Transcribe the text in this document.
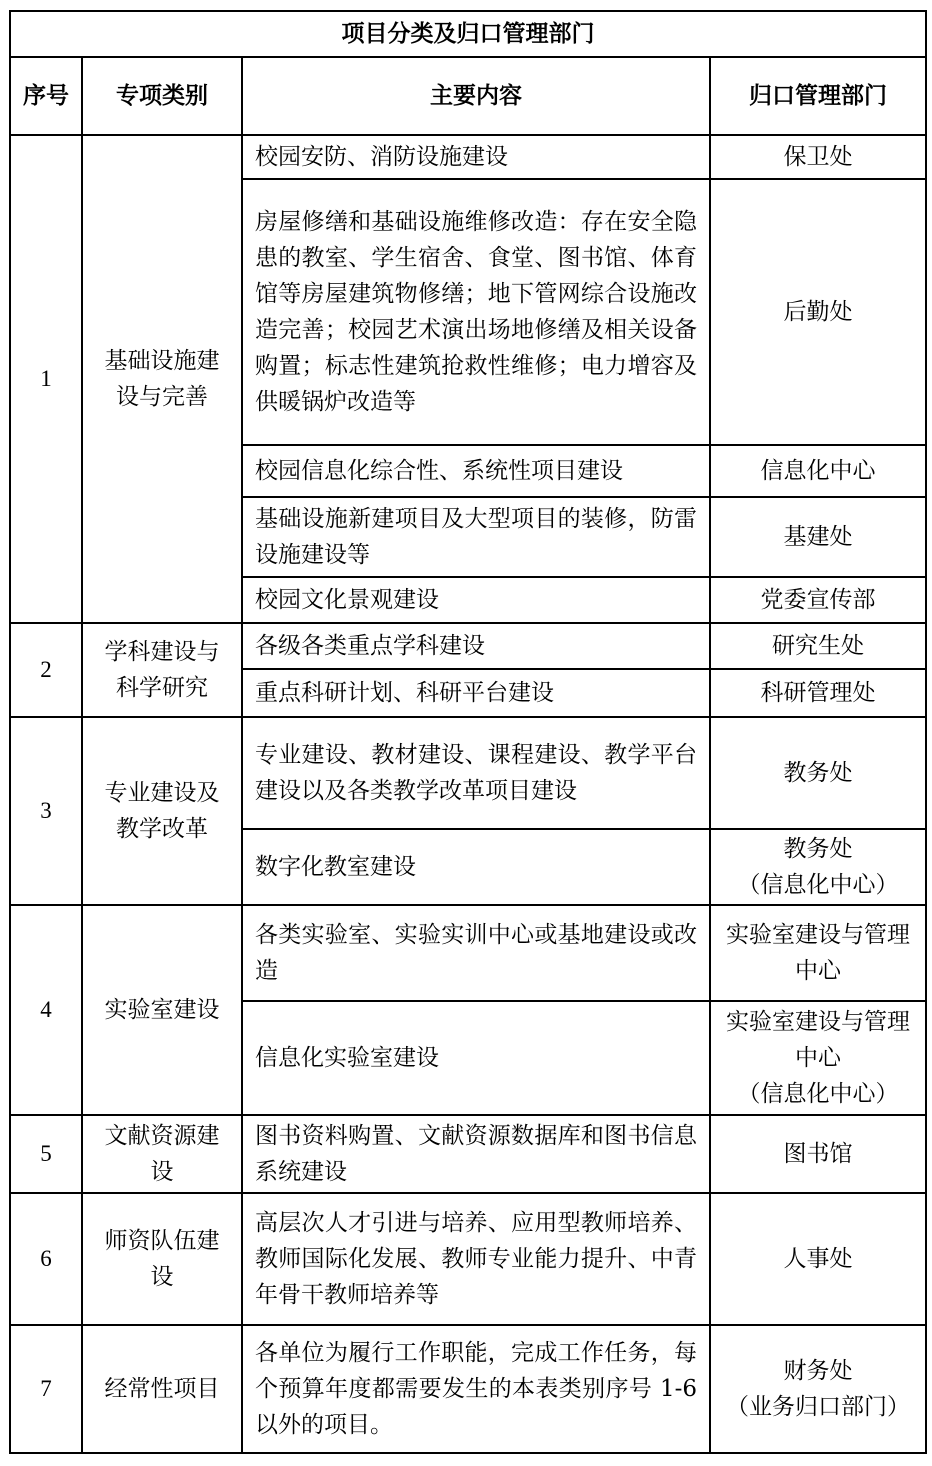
项目分类及归口管理部门			
序号	专项类别	主要内容	归口管理部门
1	基础设施建设与完善	校园安防、消防设施建设	保卫处
		房屋修缮和基础设施维修改造：存在安全隐患的教室、学生宿舍、食堂、图书馆、体育馆等房屋建筑物修缮；地下管网综合设施改造完善；校园艺术演出场地修缮及相关设备购置；标志性建筑抢救性维修；电力增容及供暖锅炉改造等	后勤处
		校园信息化综合性、系统性项目建设	信息化中心
		基础设施新建项目及大型项目的装修，防雷设施建设等	基建处
		校园文化景观建设	党委宣传部
2	学科建设与科学研究	各级各类重点学科建设	研究生处
		重点科研计划、科研平台建设	科研管理处
3	专业建设及教学改革	专业建设、教材建设、课程建设、教学平台建设以及各类教学改革项目建设	教务处
		数字化教室建设	教务处
（信息化中心）

4	实验室建设	各类实验室、实验实训中心或基地建设或改造	实验室建设与管理中心
		信息化实验室建设	实验室建设与管理中心
（信息化中心）

5	文献资源建设	图书资料购置、文献资源数据库和图书信息系统建设	图书馆
6	师资队伍建设	高层次人才引进与培养、应用型教师培养、教师国际化发展、教师专业能力提升、中青年骨干教师培养等	人事处
7	经常性项目	各单位为履行工作职能，完成工作任务，每个预算年度都需要发生的本表类别序号 1-6 以外的项目。	财务处
（业务归口部门）
